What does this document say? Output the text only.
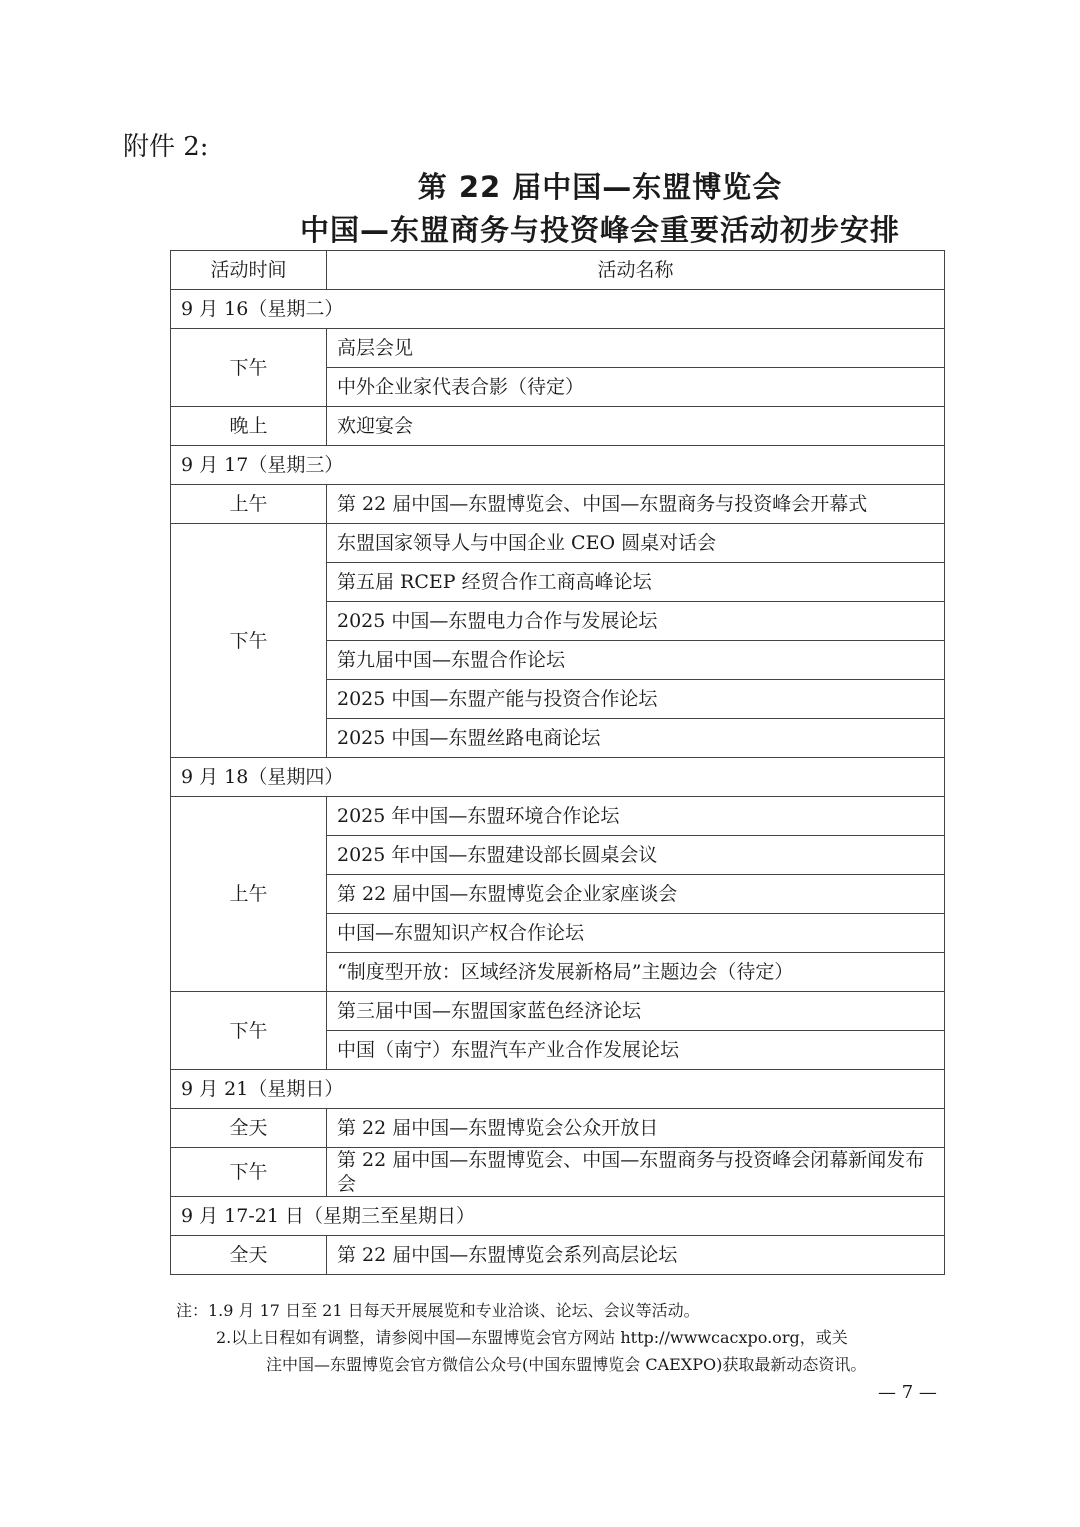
附件 2:
第 22 届中国—东盟博览会
中国—东盟商务与投资峰会重要活动初步安排
活动时间	活动名称
9 月 16（星期二）	
下午	高层会见
	中外企业家代表合影（待定）
晚上	欢迎宴会
9 月 17（星期三）	
上午	第 22 届中国—东盟博览会、中国—东盟商务与投资峰会开幕式
下午	东盟国家领导人与中国企业 CEO 圆桌对话会
	第五届 RCEP 经贸合作工商高峰论坛
	2025 中国—东盟电力合作与发展论坛
	第九届中国—东盟合作论坛
	2025 中国—东盟产能与投资合作论坛
	2025 中国—东盟丝路电商论坛
9 月 18（星期四）	
上午	2025 年中国—东盟环境合作论坛
	2025 年中国—东盟建设部长圆桌会议
	第 22 届中国—东盟博览会企业家座谈会
	中国—东盟知识产权合作论坛
	“制度型开放：区域经济发展新格局”主题边会（待定）
下午	第三届中国—东盟国家蓝色经济论坛
	中国（南宁）东盟汽车产业合作发展论坛
9 月 21（星期日）	
全天	第 22 届中国—东盟博览会公众开放日
下午	第 22 届中国—东盟博览会、中国—东盟商务与投资峰会闭幕新闻发布会
9 月 17-21 日（星期三至星期日）	
全天	第 22 届中国—东盟博览会系列高层论坛
注：1.9 月 17 日至 21 日每天开展展览和专业洽谈、论坛、会议等活动。
2.以上日程如有调整，请参阅中国—东盟博览会官方网站 http://wwwcacxpo.org，或关
注中国—东盟博览会官方微信公众号(中国东盟博览会 CAEXPO)获取最新动态资讯。
— 7 —
